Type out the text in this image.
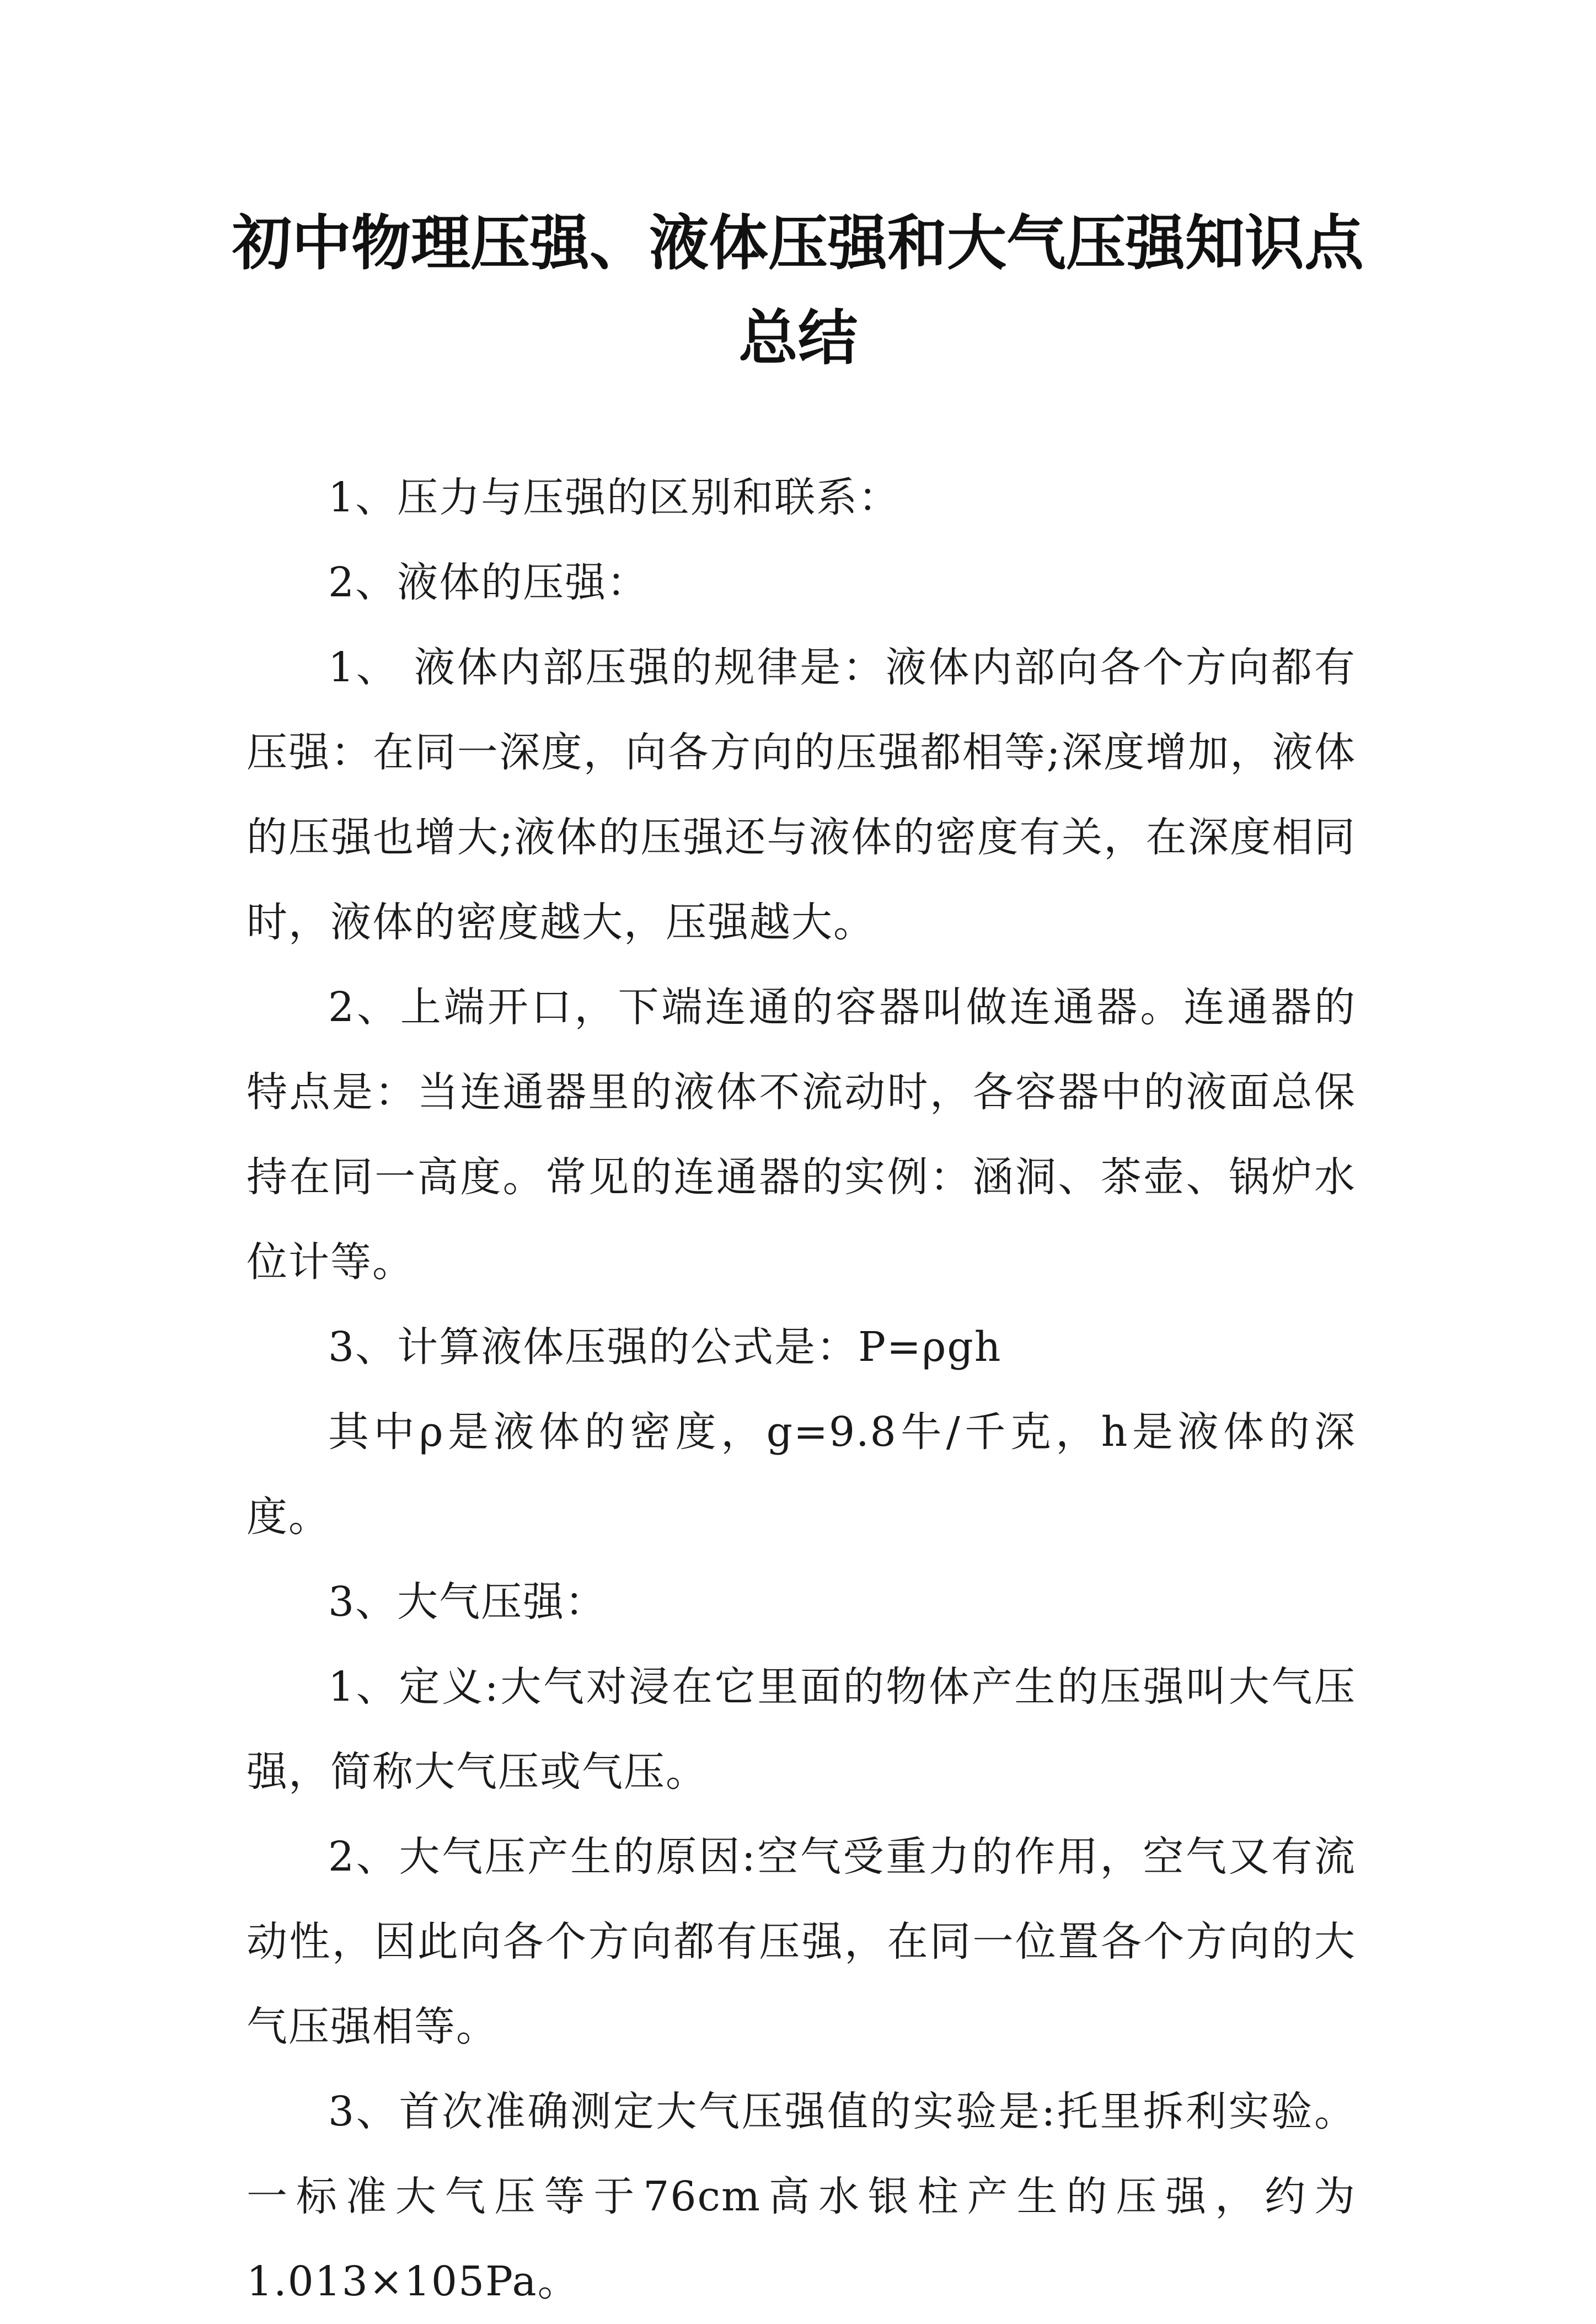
初中物理压强、液体压强和大气压强知识点总结

1、压力与压强的区别和联系：

2、液体的压强：

1、 液体内部压强的规律是：液体内部向各个方向都有压强：在同一深度，向各方向的压强都相等;深度增加，液体的压强也增大;液体的压强还与液体的密度有关，在深度相同时，液体的密度越大，压强越大。

2、上端开口，下端连通的容器叫做连通器。连通器的特点是：当连通器里的液体不流动时，各容器中的液面总保持在同一高度。常见的连通器的实例：涵洞、茶壶、锅炉水位计等。

3、计算液体压强的公式是：P=ρgh

其中ρ是液体的密度，g=9.8牛/千克，h是液体的深度。

3、大气压强：

1、定义:大气对浸在它里面的物体产生的压强叫大气压强，简称大气压或气压。

2、大气压产生的原因:空气受重力的作用，空气又有流动性，因此向各个方向都有压强，在同一位置各个方向的大气压强相等。

3、首次准确测定大气压强值的实验是:托里拆利实验。一标准大气压等于76cm高水银柱产生的压强，约为1.013×105Pa。
